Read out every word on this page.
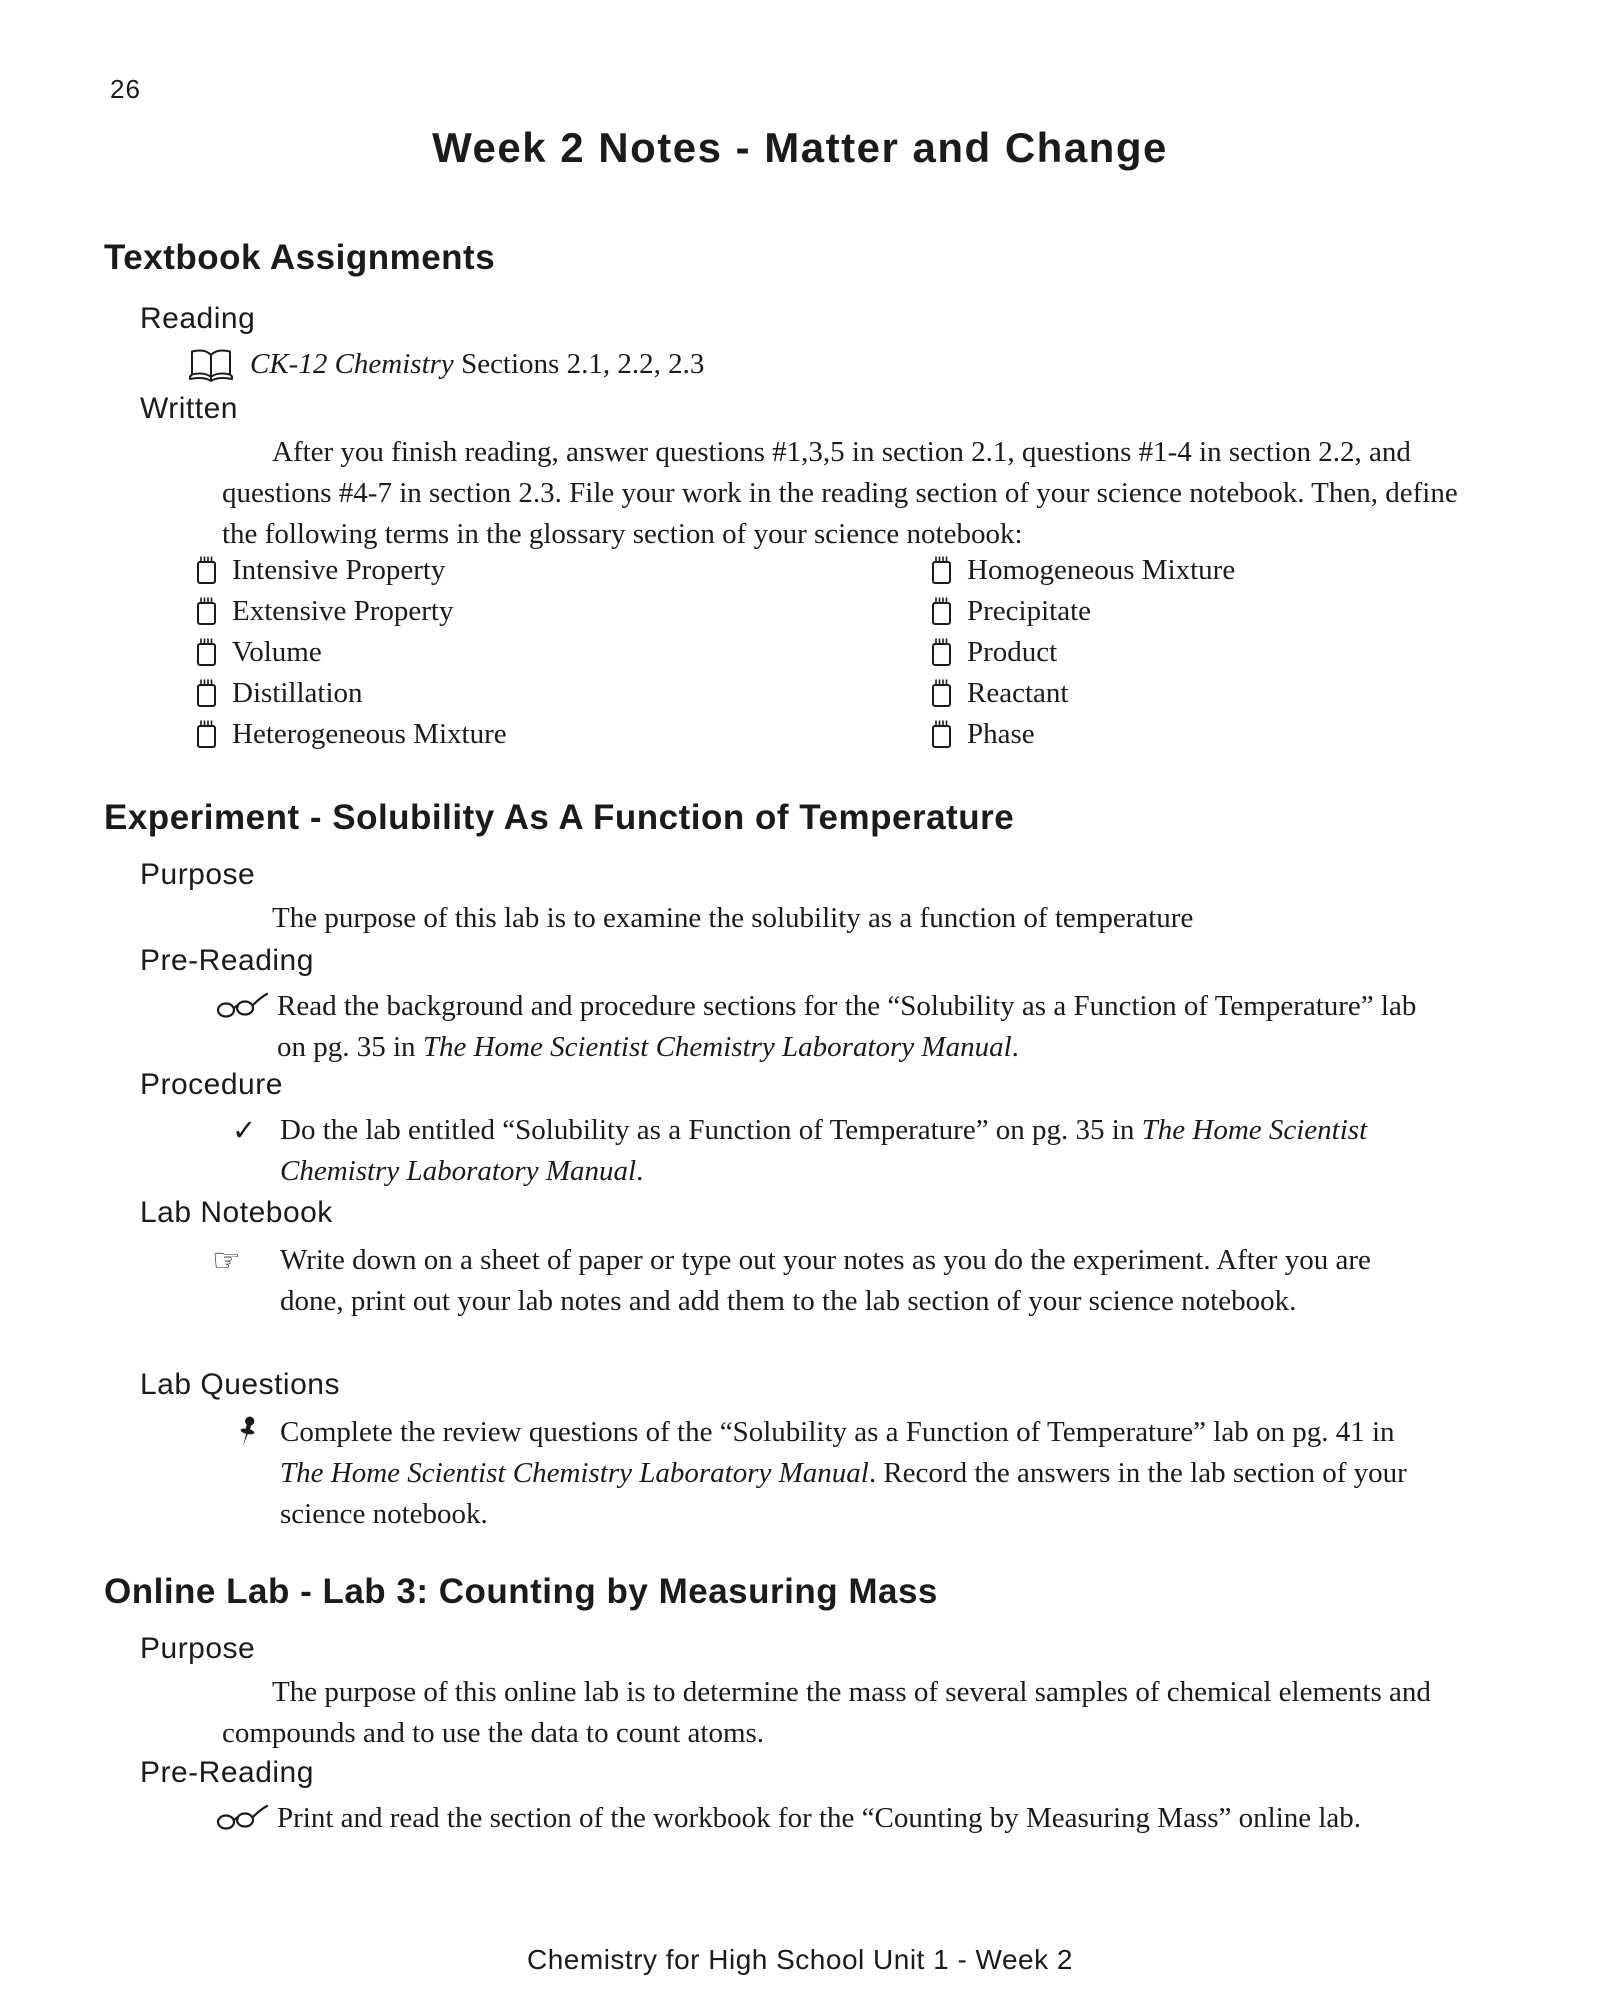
26
Week 2 Notes - Matter and Change
Textbook Assignments
Reading
CK-12 Chemistry Sections 2.1, 2.2, 2.3
Written
After you finish reading, answer questions #1,3,5 in section 2.1, questions #1-4 in section 2.2, and questions #4-7 in section 2.3. File your work in the reading section of your science notebook. Then, define the following terms in the glossary section of your science notebook:
Intensive Property
Extensive Property
Volume
Distillation
Heterogeneous Mixture
Homogeneous Mixture
Precipitate
Product
Reactant
Phase
Experiment - Solubility As A Function of Temperature
Purpose
The purpose of this lab is to examine the solubility as a function of temperature
Pre-Reading
Read the background and procedure sections for the “Solubility as a Function of Temperature” lab on pg. 35 in The Home Scientist Chemistry Laboratory Manual.
Procedure
✓ Do the lab entitled “Solubility as a Function of Temperature” on pg. 35 in The Home Scientist Chemistry Laboratory Manual.
Lab Notebook
☞	Write down on a sheet of paper or type out your notes as you do the experiment. After you are done, print out your lab notes and add them to the lab section of your science notebook.
Lab Questions
Complete the review questions of the “Solubility as a Function of Temperature” lab on pg. 41 in The Home Scientist Chemistry Laboratory Manual. Record the answers in the lab section of your science notebook.
Online Lab - Lab 3: Counting by Measuring Mass
Purpose
The purpose of this online lab is to determine the mass of several samples of chemical elements and compounds and to use the data to count atoms.
Pre-Reading
Print and read the section of the workbook for the “Counting by Measuring Mass” online lab.
Chemistry for High School Unit 1 - Week 2
